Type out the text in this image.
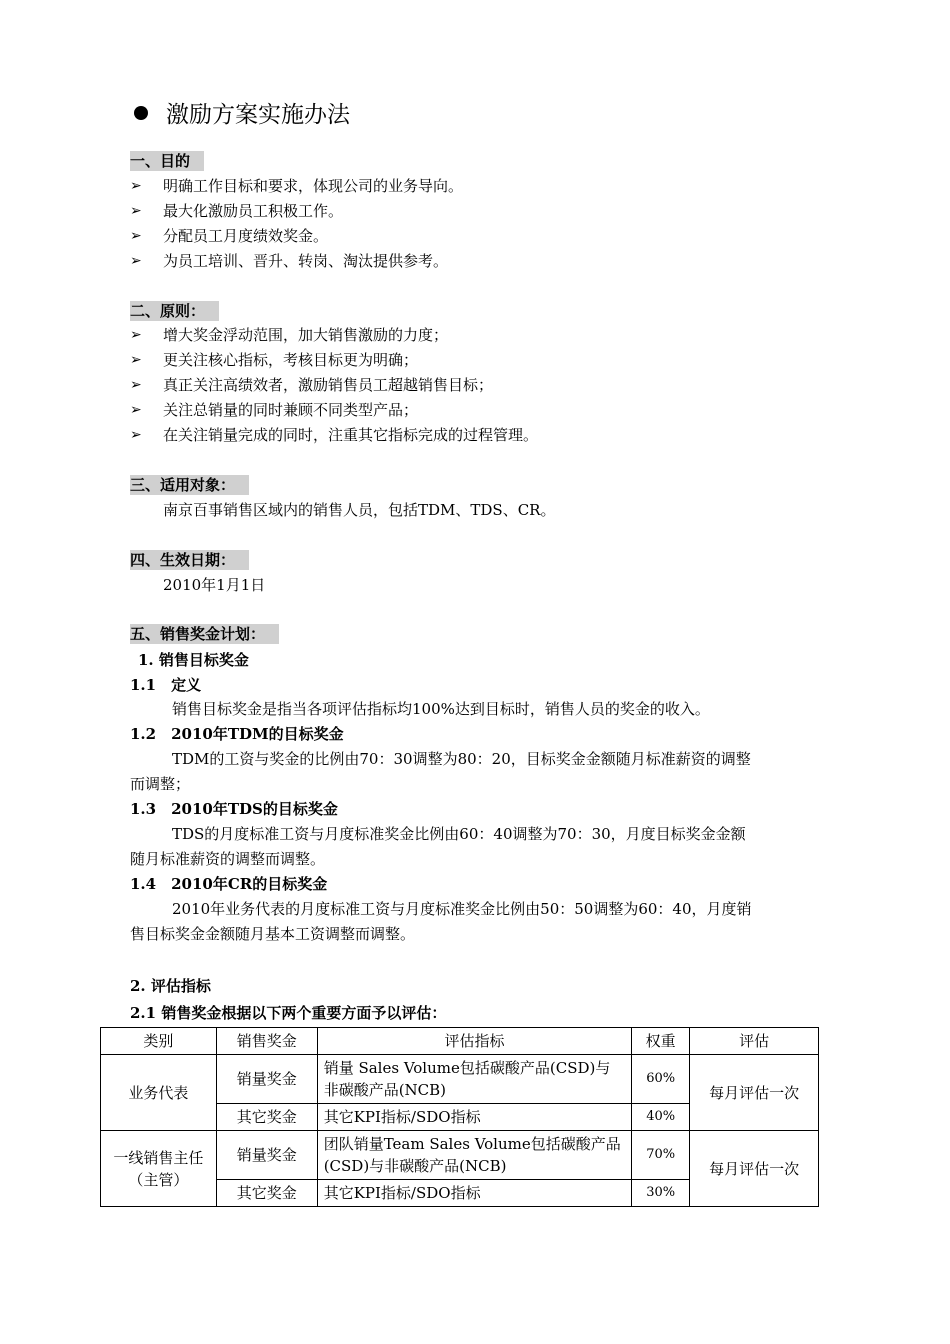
激励方案实施办法
一、目的
➢	明确工作目标和要求，体现公司的业务导向。
➢	最大化激励员工积极工作。
➢	分配员工月度绩效奖金。
➢	为员工培训、晋升、转岗、淘汰提供参考。
二、原则：
➢	增大奖金浮动范围，加大销售激励的力度；
➢	更关注核心指标，考核目标更为明确；
➢	真正关注高绩效者，激励销售员工超越销售目标；
➢	关注总销量的同时兼顾不同类型产品；
➢	在关注销量完成的同时，注重其它指标完成的过程管理。
三、适用对象：
南京百事销售区域内的销售人员，包括TDM、TDS、CR。
四、生效日期：
2010年1月1日
五、销售奖金计划：
1. 销售目标奖金
1.1　定义
销售目标奖金是指当各项评估指标均100%达到目标时，销售人员的奖金的收入。
1.2　2010年TDM的目标奖金
TDM的工资与奖金的比例由70：30调整为80：20，目标奖金金额随月标准薪资的调整
而调整；
1.3　2010年TDS的目标奖金
TDS的月度标准工资与月度标准奖金比例由60：40调整为70：30，月度目标奖金金额
随月标准薪资的调整而调整。
1.4　2010年CR的目标奖金
2010年业务代表的月度标准工资与月度标准奖金比例由50：50调整为60：40，月度销
售目标奖金金额随月基本工资调整而调整。
2. 评估指标
2.1 销售奖金根据以下两个重要方面予以评估：
类别	销售奖金	评估指标	权重	评估
业务代表	销量奖金	销量 Sales Volume包括碳酸产品(CSD)与非碳酸产品(NCB)	60%	每月评估一次
	其它奖金	其它KPI指标/SDO指标	40%	
一线销售主任（主管）	销量奖金	团队销量Team Sales Volume包括碳酸产品(CSD)与非碳酸产品(NCB)	70%	每月评估一次
	其它奖金	其它KPI指标/SDO指标	30%	
